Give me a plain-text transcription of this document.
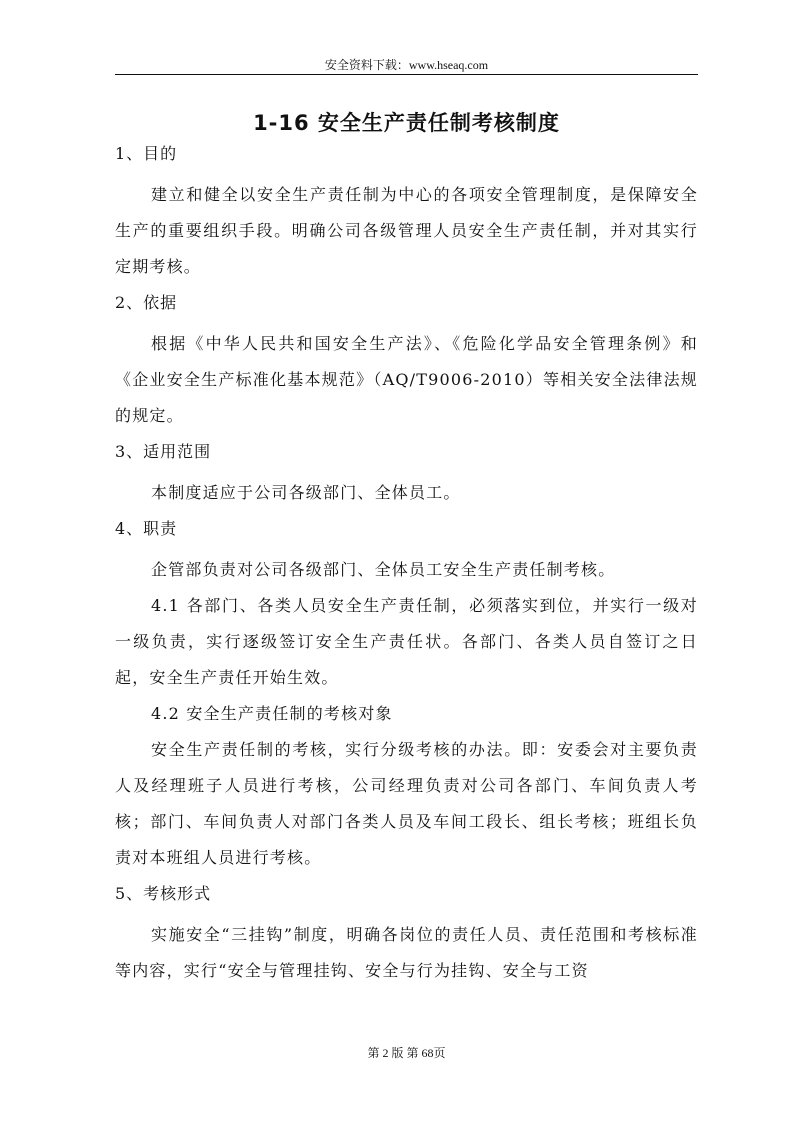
安全资料下载：www.hseaq.com
1-16 安全生产责任制考核制度

1、目的

建立和健全以安全生产责任制为中心的各项安全管理制度，是保障安全生产的重要组织手段。明确公司各级管理人员安全生产责任制，并对其实行定期考核。

2、依据

根据《中华人民共和国安全生产法》、《危险化学品安全管理条例》和《企业安全生产标准化基本规范》（AQ/T9006-2010）等相关安全法律法规的规定。

3、适用范围

本制度适应于公司各级部门、全体员工。

4、职责

企管部负责对公司各级部门、全体员工安全生产责任制考核。

4.1 各部门、各类人员安全生产责任制，必须落实到位，并实行一级对一级负责，实行逐级签订安全生产责任状。各部门、各类人员自签订之日起，安全生产责任开始生效。

4.2 安全生产责任制的考核对象

安全生产责任制的考核，实行分级考核的办法。即：安委会对主要负责人及经理班子人员进行考核，公司经理负责对公司各部门、车间负责人考核；部门、车间负责人对部门各类人员及车间工段长、组长考核；班组长负责对本班组人员进行考核。

5、考核形式

实施安全“三挂钩”制度，明确各岗位的责任人员、责任范围和考核标准等内容，实行“安全与管理挂钩、安全与行为挂钩、安全与工资

第 2 版 第 68页
